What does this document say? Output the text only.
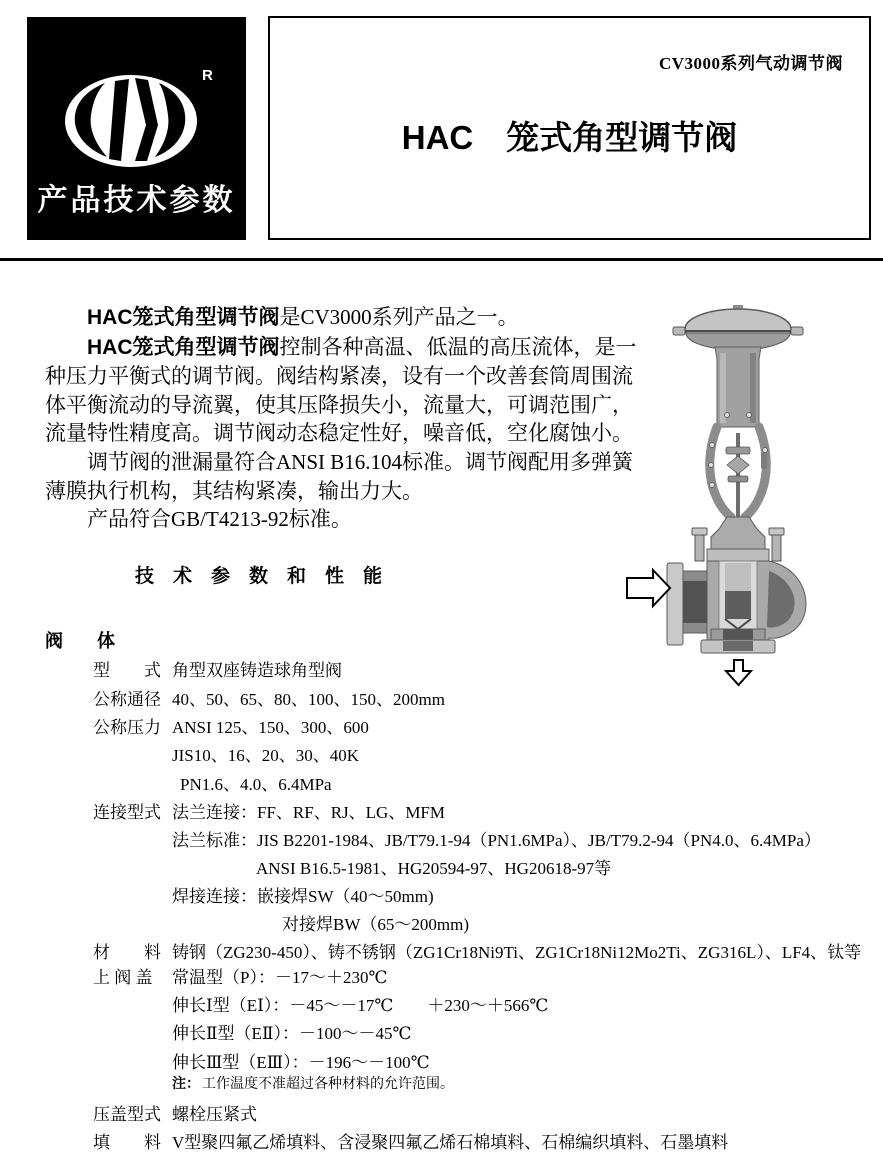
R
产品技术参数
CV3000系列气动调节阀
HAC　笼式角型调节阀
HAC笼式角型调节阀是CV3000系列产品之一。
HAC笼式角型调节阀控制各种高温、低温的高压流体，是一
种压力平衡式的调节阀。阀结构紧凑，设有一个改善套筒周围流
体平衡流动的导流翼，使其压降损失小，流量大，可调范围广，
流量特性精度高。调节阀动态稳定性好，噪音低，空化腐蚀小。
调节阀的泄漏量符合ANSI B16.104标准。调节阀配用多弹簧
薄膜执行机构，其结构紧凑，输出力大。
产品符合GB/T4213-92标准。
技　术　参　数　和　性　能
阀　体
型　　式 角型双座铸造球角型阀
公称通径 40、50、65、80、100、150、200mm
公称压力 ANSI 125、150、300、600
JIS10、16、20、30、40K
PN1.6、4.0、6.4MPa
连接型式 法兰连接：FF、RF、RJ、LG、MFM
法兰标准：JIS B2201-1984、JB/T79.1-94（PN1.6MPa）、JB/T79.2-94（PN4.0、6.4MPa）
ANSI B16.5-1981、HG20594-97、HG20618-97等
焊接连接：嵌接焊SW（40～50mm)
对接焊BW（65～200mm)
材　　料 铸钢（ZG230-450）、铸不锈钢（ZG1Cr18Ni9Ti、ZG1Cr18Ni12Mo2Ti、ZG316L）、LF4、钛等
上 阀 盖 常温型（P）：－17～＋230℃
伸长Ⅰ型（EⅠ）：－45～－17℃　　＋230～＋566℃
伸长Ⅱ型（EⅡ）：－100～－45℃
伸长Ⅲ型（EⅢ）：－196～－100℃
注： 工作温度不准超过各种材料的允许范围。
压盖型式 螺栓压紧式
填　　料 V型聚四氟乙烯填料、含浸聚四氟乙烯石棉填料、石棉编织填料、石墨填料
